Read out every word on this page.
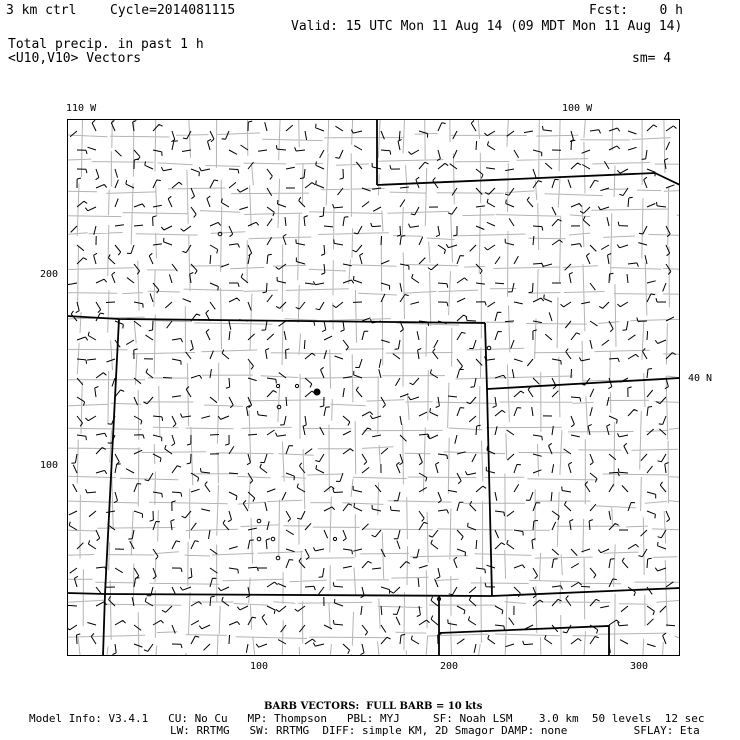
3 km ctrl	Cycle=2014081115	Fcst:    0 h
Valid: 15 UTC Mon 11 Aug 14 (09 MDT Mon 11 Aug 14)
Total precip. in past 1 h
<U10,V10> Vectors	sm= 4
110 W	100 W
40 N
200
100
100	200	300
BARB VECTORS:  FULL BARB = 10 kts
Model Info: V3.4.1   CU: No Cu   MP: Thompson   PBL: MYJ     SF: Noah LSM    3.0 km  50 levels  12 sec
LW: RRTMG   SW: RRTMG  DIFF: simple KM, 2D Smagor DAMP: none          SFLAY: Eta
